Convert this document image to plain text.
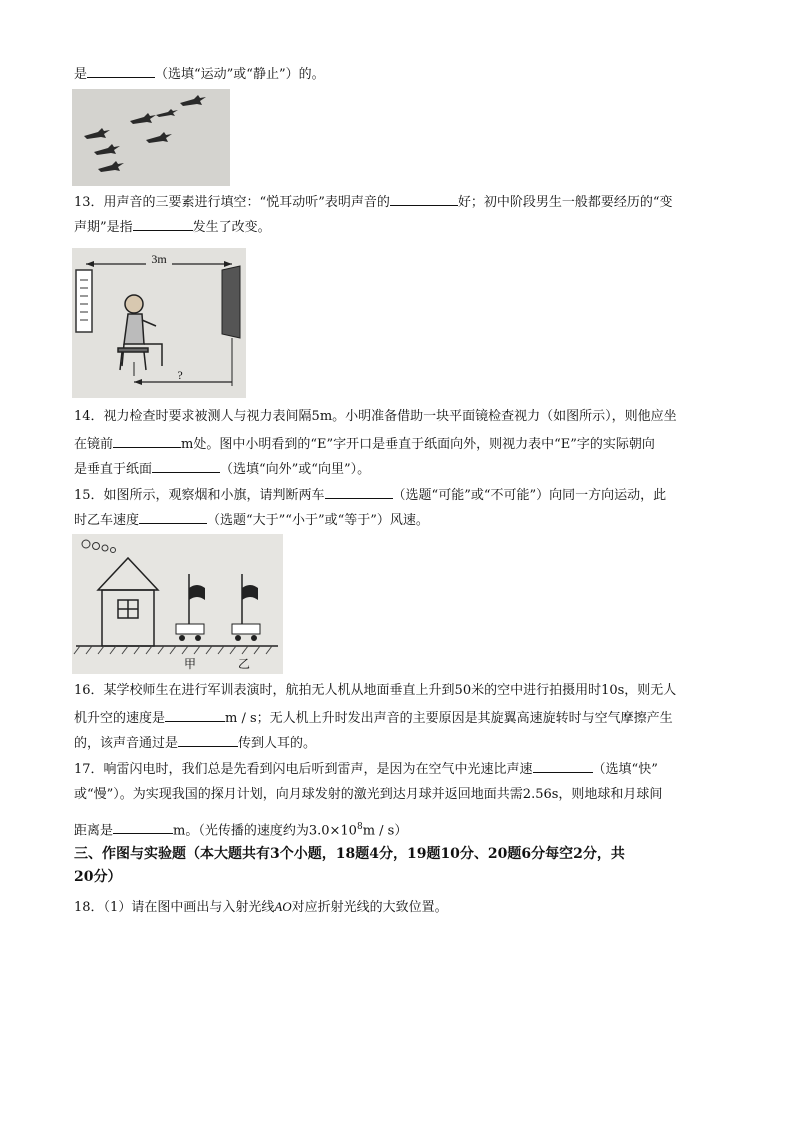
是	（选填“运动”或“静止”）的。
13．用声音的三要素进行填空：“悦耳动听”表明声音的	好；初中阶段男生一般都要经历的“变
声期”是指	发生了改变。
3m
?
14．视力检查时要求被测人与视力表间隔5m。小明准备借助一块平面镜检查视力（如图所示），则他应坐
在镜前	m处。图中小明看到的“E”字开口是垂直于纸面向外，则视力表中“E”字的实际朝向
是垂直于纸面	（选填“向外”或“向里”）。
15．如图所示，观察烟和小旗，请判断两车	（选题“可能”或“不可能”）向同一方向运动，此
时乙车速度	（选题“大于”“小于”或“等于”）风速。
甲	乙
16．某学校师生在进行军训表演时，航拍无人机从地面垂直上升到50米的空中进行拍摄用时10s，则无人
机升空的速度是	m / s；无人机上升时发出声音的主要原因是其旋翼高速旋转时与空气摩擦产生
的，该声音通过是	传到人耳的。
17．响雷闪电时，我们总是先看到闪电后听到雷声，是因为在空气中光速比声速	（选填“快”
或“慢”）。为实现我国的探月计划，向月球发射的激光到达月球并返回地面共需2.56s，则地球和月球间
距离是	m。（光传播的速度约为$3.0\times 10^8m / s$）
三、作图与实验题（本大题共有3个小题，18题4分，19题10分、20题6分每空2分，共
20分）
18．（1）请在图中画出与入射光线AO对应折射光线的大致位置。
